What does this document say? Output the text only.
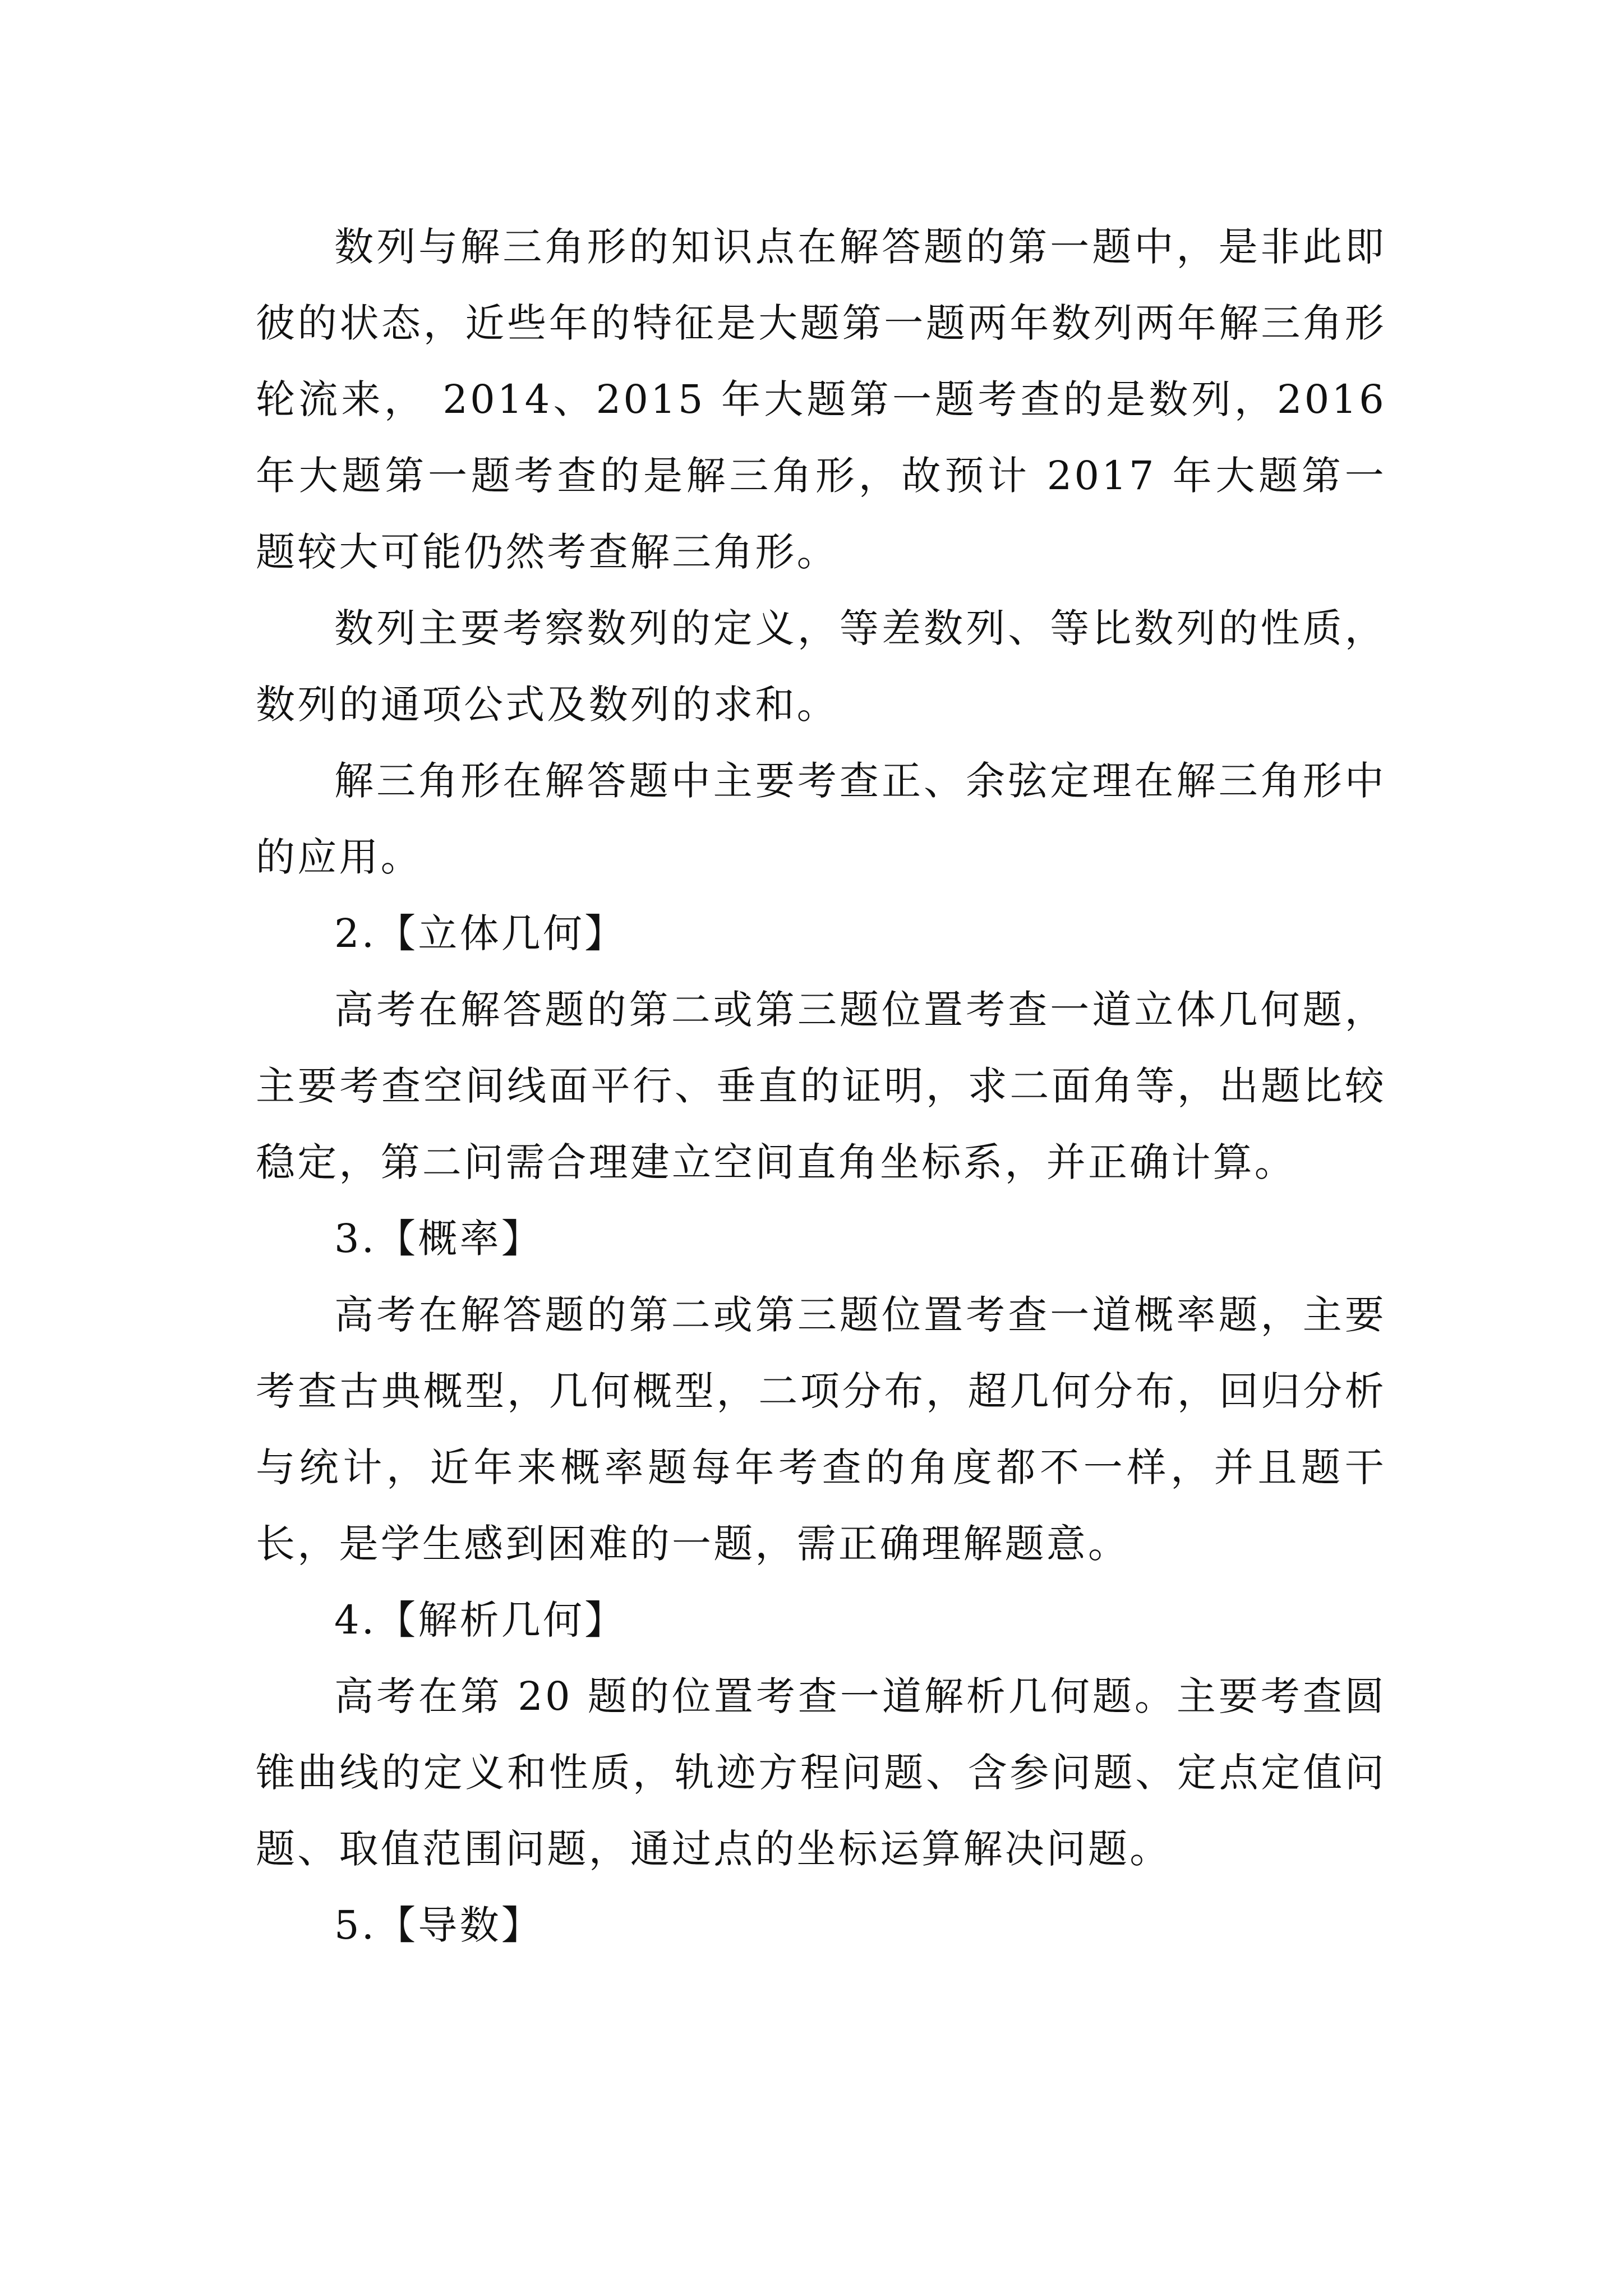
数列与解三角形的知识点在解答题的第一题中，是非此即彼的状态，近些年的特征是大题第一题两年数列两年解三角形轮流来， 2014、2015 年大题第一题考查的是数列，2016年大题第一题考查的是解三角形，故预计 2017 年大题第一题较大可能仍然考查解三角形。

数列主要考察数列的定义，等差数列、等比数列的性质，数列的通项公式及数列的求和。

解三角形在解答题中主要考查正、余弦定理在解三角形中的应用。

2.【立体几何】

高考在解答题的第二或第三题位置考查一道立体几何题，主要考查空间线面平行、垂直的证明，求二面角等，出题比较稳定，第二问需合理建立空间直角坐标系，并正确计算。

3.【概率】

高考在解答题的第二或第三题位置考查一道概率题，主要考查古典概型，几何概型，二项分布，超几何分布，回归分析与统计，近年来概率题每年考查的角度都不一样，并且题干长，是学生感到困难的一题，需正确理解题意。

4.【解析几何】

高考在第 20 题的位置考查一道解析几何题。主要考查圆锥曲线的定义和性质，轨迹方程问题、含参问题、定点定值问题、取值范围问题，通过点的坐标运算解决问题。

5.【导数】
